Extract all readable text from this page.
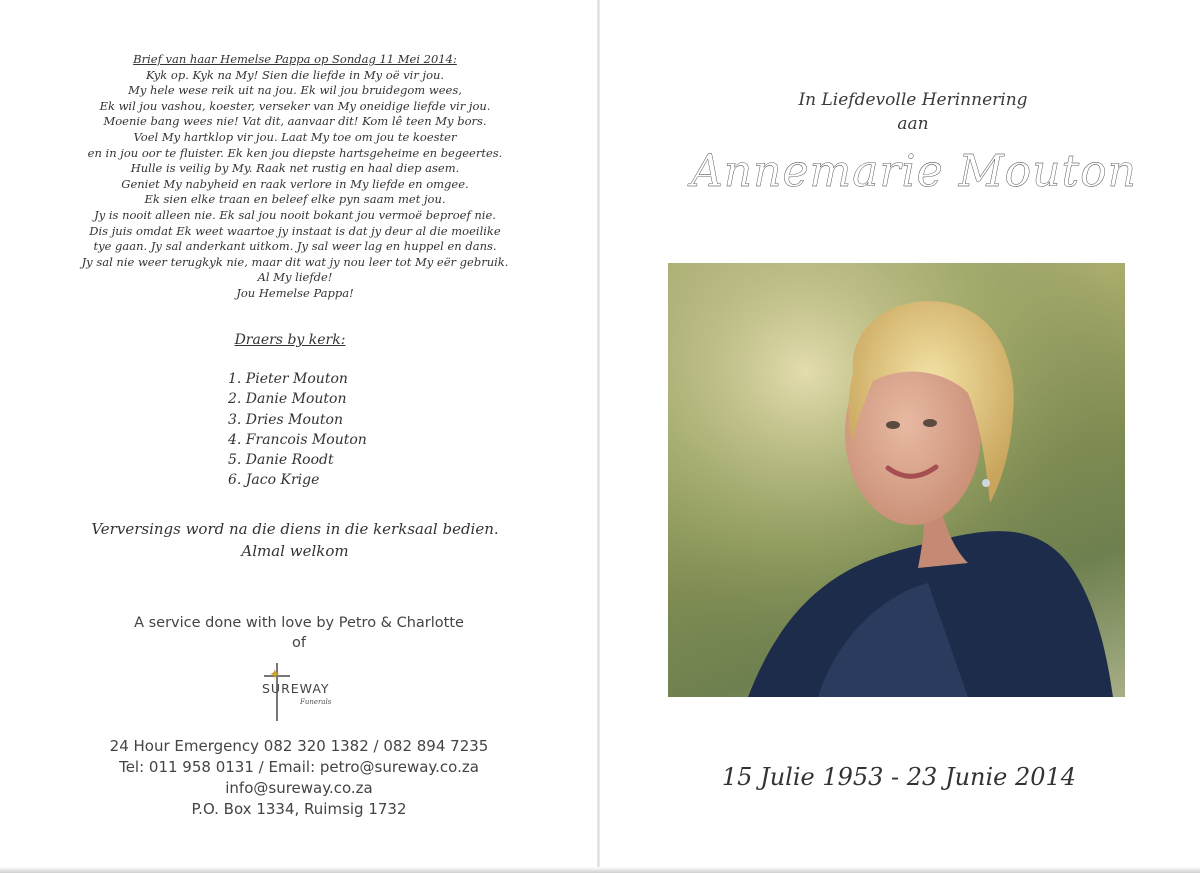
Brief van haar Hemelse Pappa op Sondag 11 Mei 2014:
Kyk op. Kyk na My! Sien die liefde in My oë vir jou.
My hele wese reik uit na jou. Ek wil jou bruidegom wees,
Ek wil jou vashou, koester, verseker van My oneidige liefde vir jou.
Moenie bang wees nie! Vat dit, aanvaar dit! Kom lê teen My bors.
Voel My hartklop vir jou. Laat My toe om jou te koester
en in jou oor te fluister. Ek ken jou diepste hartsgeheime en begeertes.
Hulle is veilig by My. Raak net rustig en haal diep asem.
Geniet My nabyheid en raak verlore in My liefde en omgee.
Ek sien elke traan en beleef elke pyn saam met jou.
Jy is nooit alleen nie. Ek sal jou nooit bokant jou vermoë beproef nie.
Dis juis omdat Ek weet waartoe jy instaat is dat jy deur al die moeilike
tye gaan. Jy sal anderkant uitkom. Jy sal weer lag en huppel en dans.
Jy sal nie weer terugkyk nie, maar dit wat jy nou leer tot My eër gebruik.
Al My liefde!
Jou Hemelse Pappa!
Draers by kerk:
1. Pieter Mouton
2. Danie Mouton
3. Dries Mouton
4. Francois Mouton
5. Danie Roodt
6. Jaco Krige
Verversings word na die diens in die kerksaal bedien.
Almal welkom
A service done with love by Petro & Charlotte
of
✦
SUREWAY
Funerals
24 Hour Emergency 082 320 1382 / 082 894 7235
Tel: 011 958 0131 / Email: petro@sureway.co.za
info@sureway.co.za
P.O. Box 1334, Ruimsig 1732
In Liefdevolle Herinnering
aan
Annemarie Mouton
15 Julie 1953 - 23 Junie 2014
